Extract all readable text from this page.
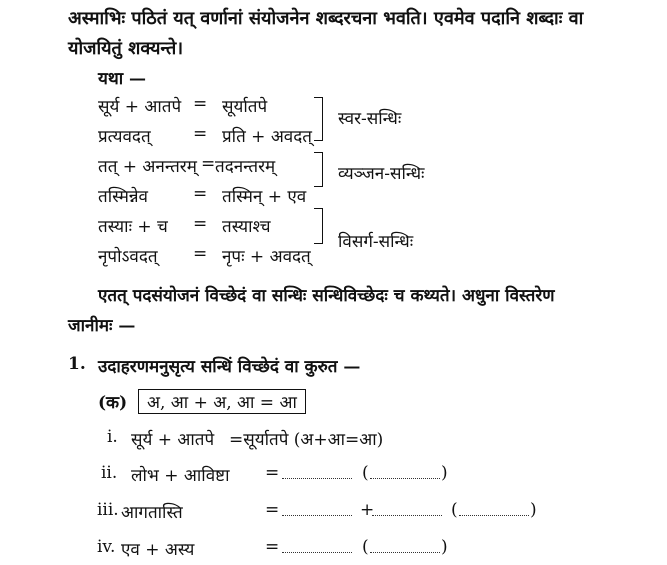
अस्माभिः पठितं यत् वर्णानां संयोजनेन शब्दरचना भवति। एवमेव पदानि शब्दाः वा
योजयितुं शक्यन्ते।
यथा —
सूर्य + आतपे = सूर्यातपे
प्रत्यवदत् = प्रति + अवदत्
तत् + अनन्तरम् = तदनन्तरम्
तस्मिन्नेव	= तस्मिन् + एव
तस्याः + च = तस्याश्च
नृपोऽवदत् = नृपः + अवदत्
स्वर-सन्धिः
व्यञ्जन-सन्धिः
विसर्ग-सन्धिः
एतत् पदसंयोजनं विच्छेदं वा सन्धिः सन्धिविच्छेदः च कथ्यते। अधुना विस्तरेण
जानीमः —
1. उदाहरणमनुसृत्य सन्धिं विच्छेदं वा कुरुत —
(क)	अ, आ + अ, आ = आ
i. सूर्य + आतपे =सूर्यातपे (अ+आ=आ)
ii. लोभ + आविष्टा =	(	)
iii. आगतास्ति	=	+	(	)
iv. एव + अस्य	=	(	)
